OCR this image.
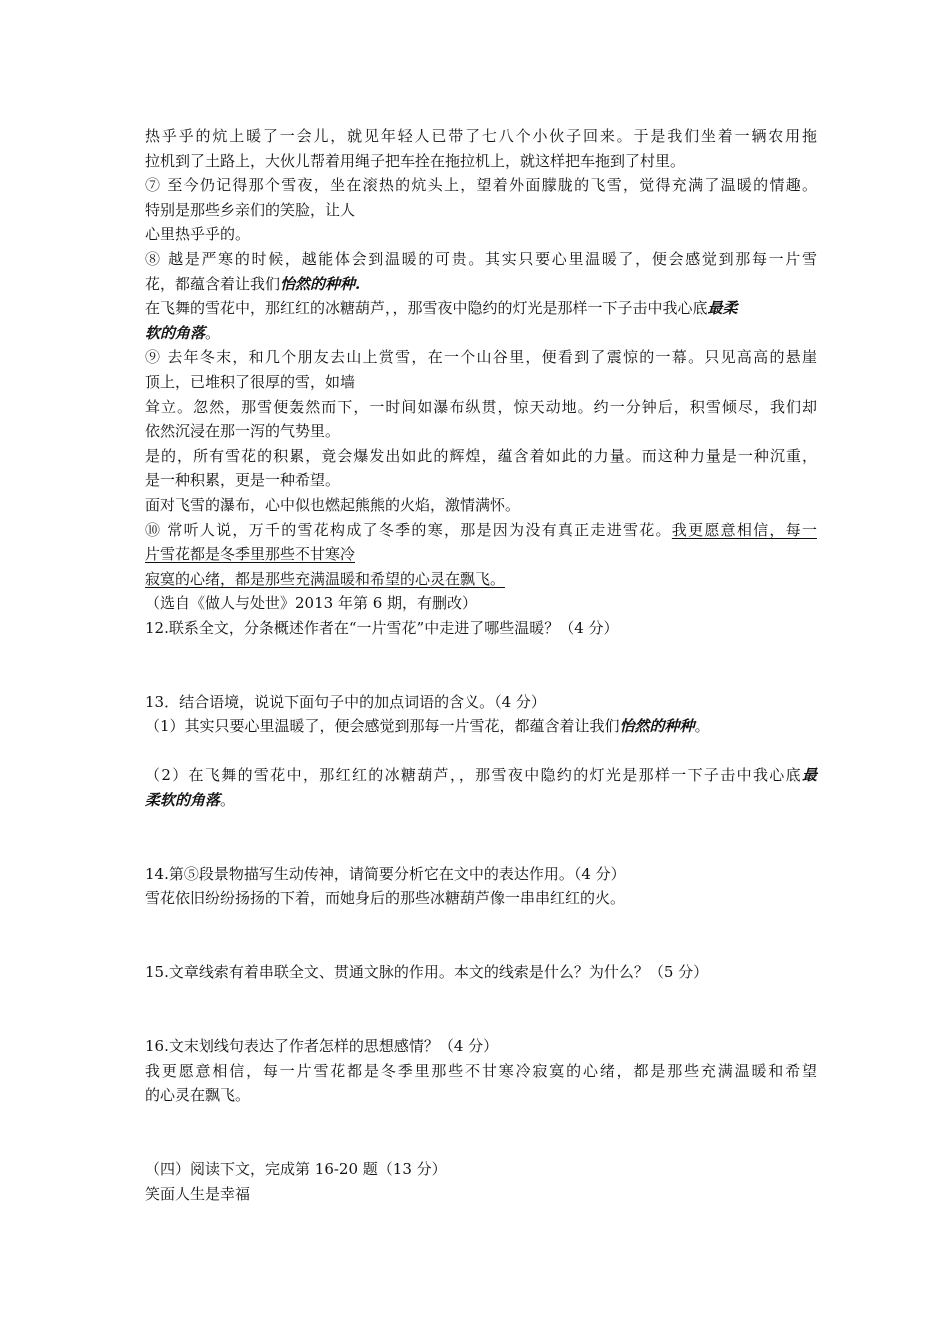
热乎乎的炕上暖了一会儿，就见年轻人已带了七八个小伙子回来。于是我们坐着一辆农用拖
拉机到了土路上，大伙儿帮着用绳子把车拴在拖拉机上，就这样把车拖到了村里。
⑦ 至今仍记得那个雪夜，坐在滚热的炕头上，望着外面朦胧的飞雪，觉得充满了温暖的情趣。
特别是那些乡亲们的笑脸，让人
心里热乎乎的。
⑧ 越是严寒的时候，越能体会到温暖的可贵。其实只要心里温暖了，便会感觉到那每一片雪
花，都蕴含着让我们怡然的种种.
在飞舞的雪花中，那红红的冰糖葫芦，，那雪夜中隐约的灯光是那样一下子击中我心底最柔
软的角落。
⑨ 去年冬末，和几个朋友去山上赏雪，在一个山谷里，便看到了震惊的一幕。只见高高的悬崖
顶上，已堆积了很厚的雪，如墙
耸立。忽然，那雪便轰然而下，一时间如瀑布纵贯，惊天动地。约一分钟后，积雪倾尽，我们却
依然沉浸在那一泻的气势里。
是的，所有雪花的积累，竟会爆发出如此的辉煌，蕴含着如此的力量。而这种力量是一种沉重，
是一种积累，更是一种希望。
面对飞雪的瀑布，心中似也燃起熊熊的火焰，激情满怀。
⑩ 常听人说，万千的雪花构成了冬季的寒，那是因为没有真正走进雪花。我更愿意相信，每一
片雪花都是冬季里那些不甘寒冷
寂寞的心绪，都是那些充满温暖和希望的心灵在飘飞。
（选自《做人与处世》2013 年第 6 期，有删改）
12.联系全文，分条概述作者在“一片雪花”中走进了哪些温暖？（4 分）
13．结合语境，说说下面句子中的加点词语的含义。（4 分）
（1）其实只要心里温暖了，便会感觉到那每一片雪花，都蕴含着让我们怡然的种种。
（2）在飞舞的雪花中，那红红的冰糖葫芦，，那雪夜中隐约的灯光是那样一下子击中我心底最
柔软的角落。
14.第⑤段景物描写生动传神，请简要分析它在文中的表达作用。（4 分）
雪花依旧纷纷扬扬的下着，而她身后的那些冰糖葫芦像一串串红红的火。
15.文章线索有着串联全文、贯通文脉的作用。本文的线索是什么？为什么？（5 分）
16.文末划线句表达了作者怎样的思想感情？（4 分）
我更愿意相信，每一片雪花都是冬季里那些不甘寒冷寂寞的心绪，都是那些充满温暖和希望
的心灵在飘飞。
（四）阅读下文，完成第 16-20 题（13 分）
笑面人生是幸福
